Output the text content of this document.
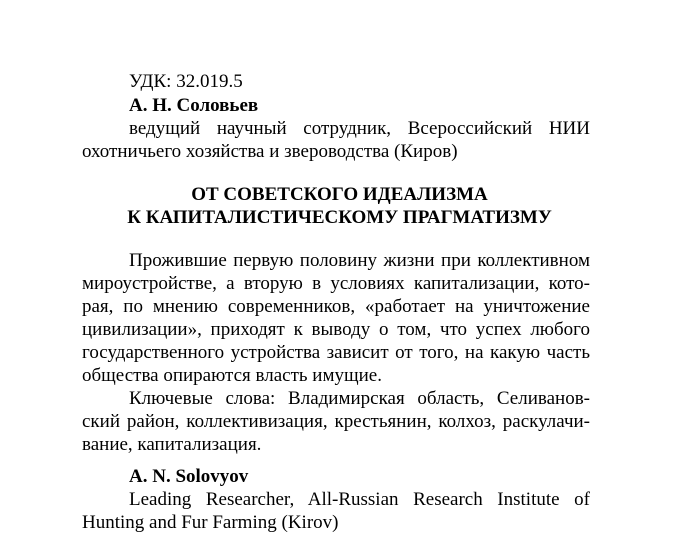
УДК: 32.019.5
А. Н. Соловьев
ведущий научный сотрудник, Всероссийский НИИ
охотничьего хозяйства и звероводства (Киров)
ОТ СОВЕТСКОГО ИДЕАЛИЗМА
К КАПИТАЛИСТИЧЕСКОМУ ПРАГМАТИЗМУ
Прожившие первую половину жизни при коллективном
мироустройстве, а вторую в условиях капитализации, кото-
рая, по мнению современников, «работает на уничтожение
цивилизации», приходят к выводу о том, что успех любого
государственного устройства зависит от того, на какую часть
общества опираются власть имущие.
Ключевые слова: Владимирская область, Селиванов-
ский район, коллективизация, крестьянин, колхоз, раскулачи-
вание, капитализация.
A. N. Solovyov
Leading Researcher, All-Russian Research Institute of
Hunting and Fur Farming (Kirov)
